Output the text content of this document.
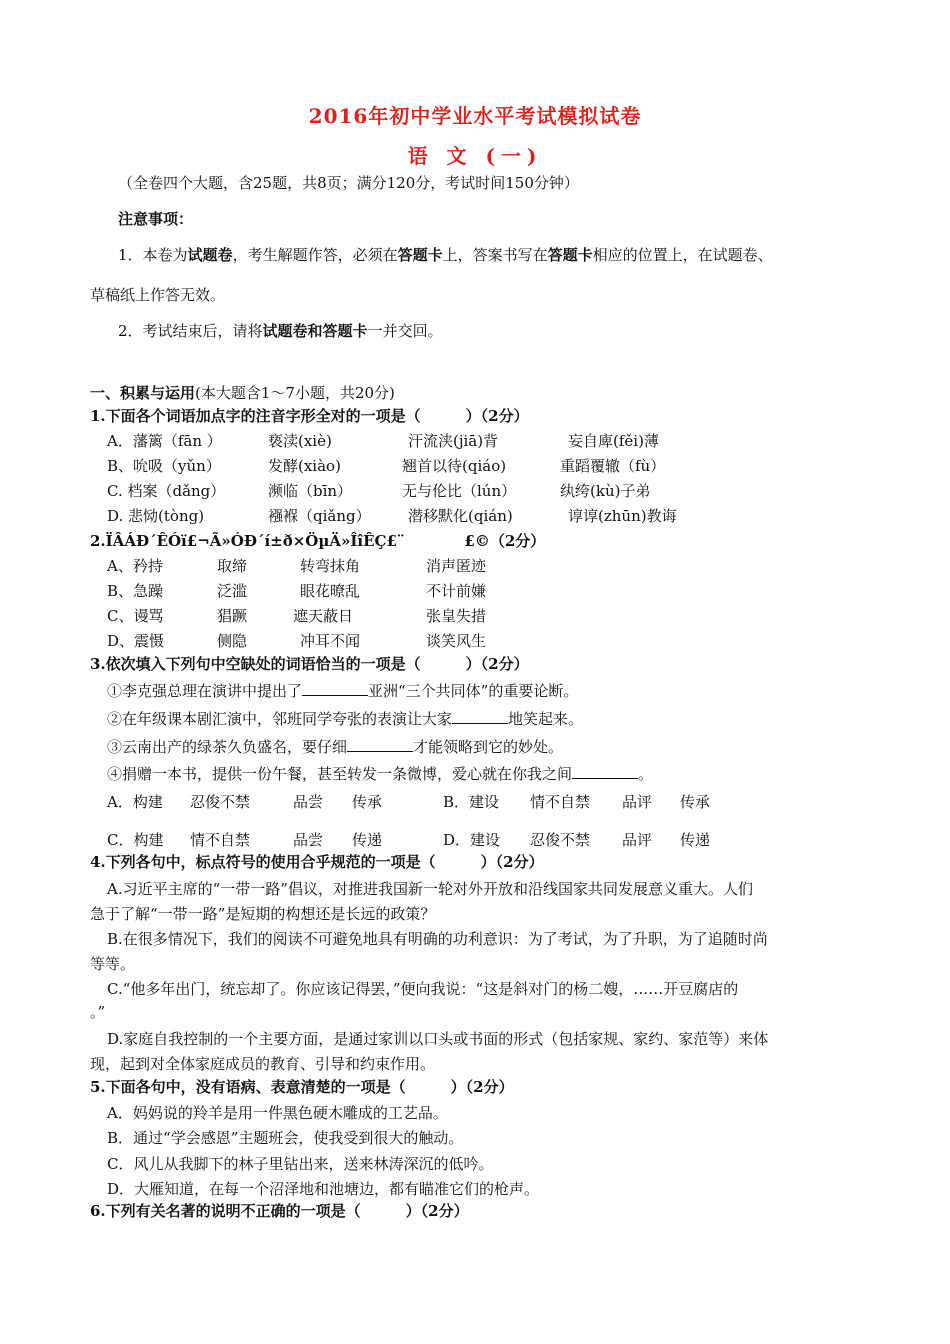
2016年初中学业水平考试模拟试卷
语 文 (一)
（全卷四个大题，含25题，共8页；满分120分，考试时间150分钟）
注意事项：
1．本卷为试题卷，考生解题作答，必须在答题卡上，答案书写在答题卡相应的位置上，在试题卷、
草稿纸上作答无效。
2．考试结束后，请将试题卷和答题卡一并交回。
一、积累与运用(本大题含1～7小题，共20分)
1.下面各个词语加点字的注音字形全对的一项是（　　　）（2分）
A．藩篱（fān ）	亵渎(xiè)	汗流浃(jiā)背	妄自庳(fěi)薄
B、吮吸（yǔn）	发酵(xiào)	翘首以待(qiáo)	重蹈覆辙（fù）
C. 档案（dǎng）	濒临（bīn）	无与伦比（lún）	纨绔(kù)子弟
D. 悲恸(tòng)	襁褓（qiǎng） 潜移默化(qián)	谆谆(zhūn)教诲
2.ÏÂÁÐ´ÊÓï£¬Ã»ÓÐ´í±ð×ÖµÄ»ÎîÊÇ£¨　　　　£©（2分）
A、矜持	取缔	转弯抹角	消声匿迹
B、急躁	泛滥	眼花暸乱	不计前嫌
C、谩骂	猖蹶	遮天蔽日	张皇失措
D、震慑	侧隐	冲耳不闻	谈笑风生
3.依次填入下列句中空缺处的词语恰当的一项是（　　　）（2分）
①李克强总理在演讲中提出了	亚洲“三个共同体”的重要论断。
②在年级课本剧汇演中，邻班同学夸张的表演让大家	地笑起来。
③云南出产的绿茶久负盛名，要仔细	才能领略到它的妙处。
④捐赠一本书，提供一份午餐，甚至转发一条微博，爱心就在你我之间	。
A．构建 忍俊不禁	品尝 传承	B．建设 情不自禁 品评 传承
C．构建 情不自禁	品尝 传递	D．建设 忍俊不禁 品评 传递
4.下列各句中，标点符号的使用合乎规范的一项是（　　　）（2分）
A.习近平主席的“一带一路”倡议，对推进我国新一轮对外开放和沿线国家共同发展意义重大。人们
急于了解“一带一路”是短期的构想还是长远的政策？
B.在很多情况下，我们的阅读不可避免地具有明确的功利意识：为了考试，为了升职，为了追随时尚
等等。
C.“他多年出门，统忘却了。你应该记得罢，”便向我说：“这是斜对门的杨二嫂，……开豆腐店的
。”
D.家庭自我控制的一个主要方面，是通过家训以口头或书面的形式（包括家规、家约、家范等）来体
现，起到对全体家庭成员的教育、引导和约束作用。
5.下面各句中，没有语病、表意清楚的一项是（　　　）（2分）
A．妈妈说的羚羊是用一件黑色硬木雕成的工艺品。
B．通过“学会感恩”主题班会，使我受到很大的触动。
C．风儿从我脚下的林子里钻出来，送来林涛深沉的低吟。
D．大雁知道，在每一个沼泽地和池塘边，都有瞄准它们的枪声。
6.下列有关名著的说明不正确的一项是（　　　）（2分）
